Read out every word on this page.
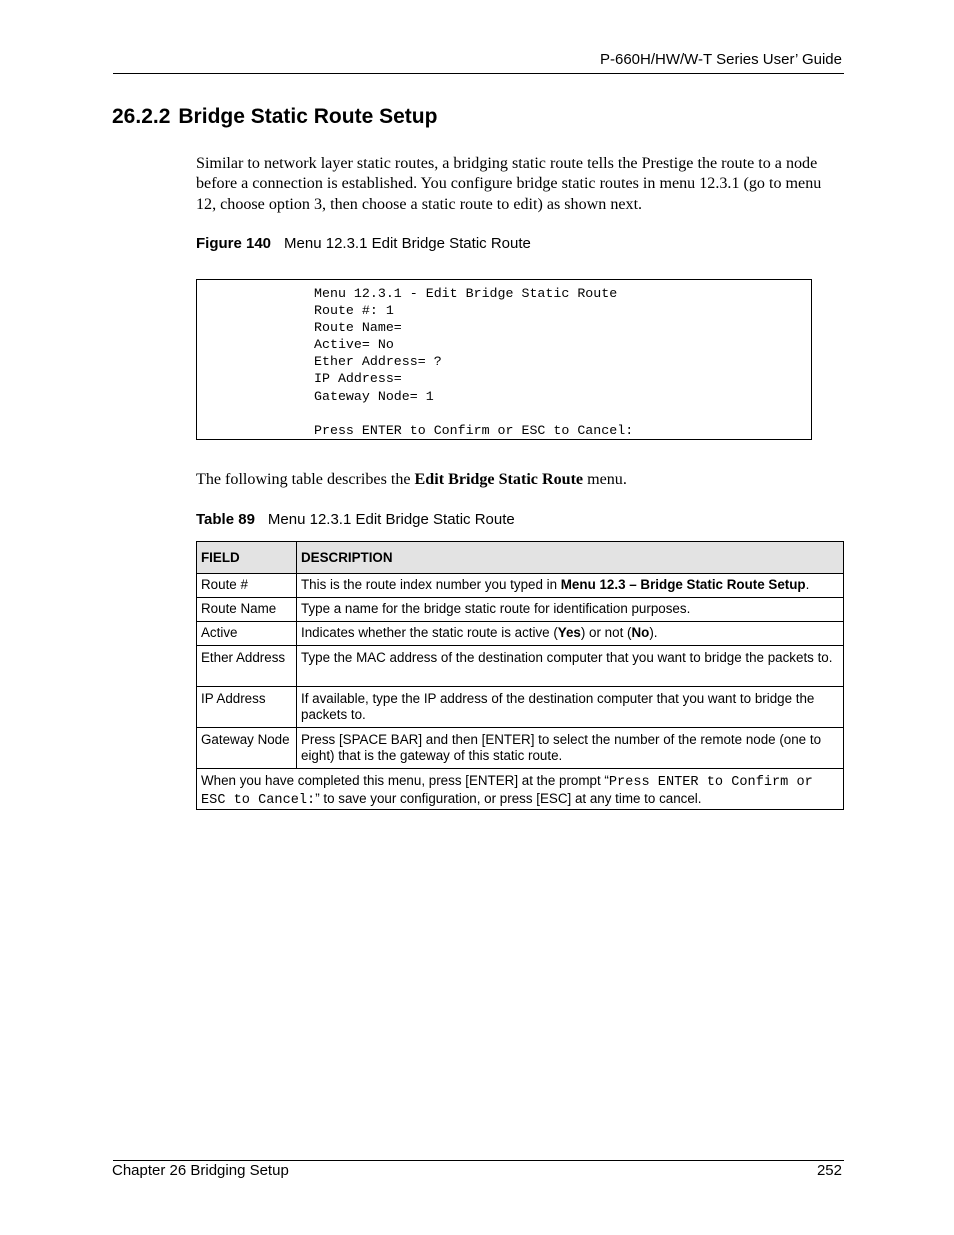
P-660H/HW/W-T Series User’ Guide
26.2.2 Bridge Static Route Setup
Similar to network layer static routes, a bridging static route tells the Prestige the route to a node before a connection is established. You configure bridge static routes in menu 12.3.1 (go to menu 12, choose option 3, then choose a static route to edit) as shown next.
Figure 140 Menu 12.3.1 Edit Bridge Static Route
Menu 12.3.1 - Edit Bridge Static Route
Route #: 1
Route Name=
Active= No
Ether Address= ?
IP Address=
Gateway Node= 1

Press ENTER to Confirm or ESC to Cancel:
The following table describes the Edit Bridge Static Route menu.
Table 89 Menu 12.3.1 Edit Bridge Static Route
FIELD	DESCRIPTION
Route #	This is the route index number you typed in Menu 12.3 – Bridge Static Route Setup.
Route Name	Type a name for the bridge static route for identification purposes.
Active	Indicates whether the static route is active (Yes) or not (No).
Ether Address	Type the MAC address of the destination computer that you want to bridge the packets to.
IP Address	If available, type the IP address of the destination computer that you want to bridge the packets to.
Gateway Node	Press [SPACE BAR] and then [ENTER] to select the number of the remote node (one to eight) that is the gateway of this static route.
When you have completed this menu, press [ENTER] at the prompt “Press ENTER to Confirm or ESC to Cancel:” to save your configuration, or press [ESC] at any time to cancel.	
Chapter 26 Bridging Setup	252
